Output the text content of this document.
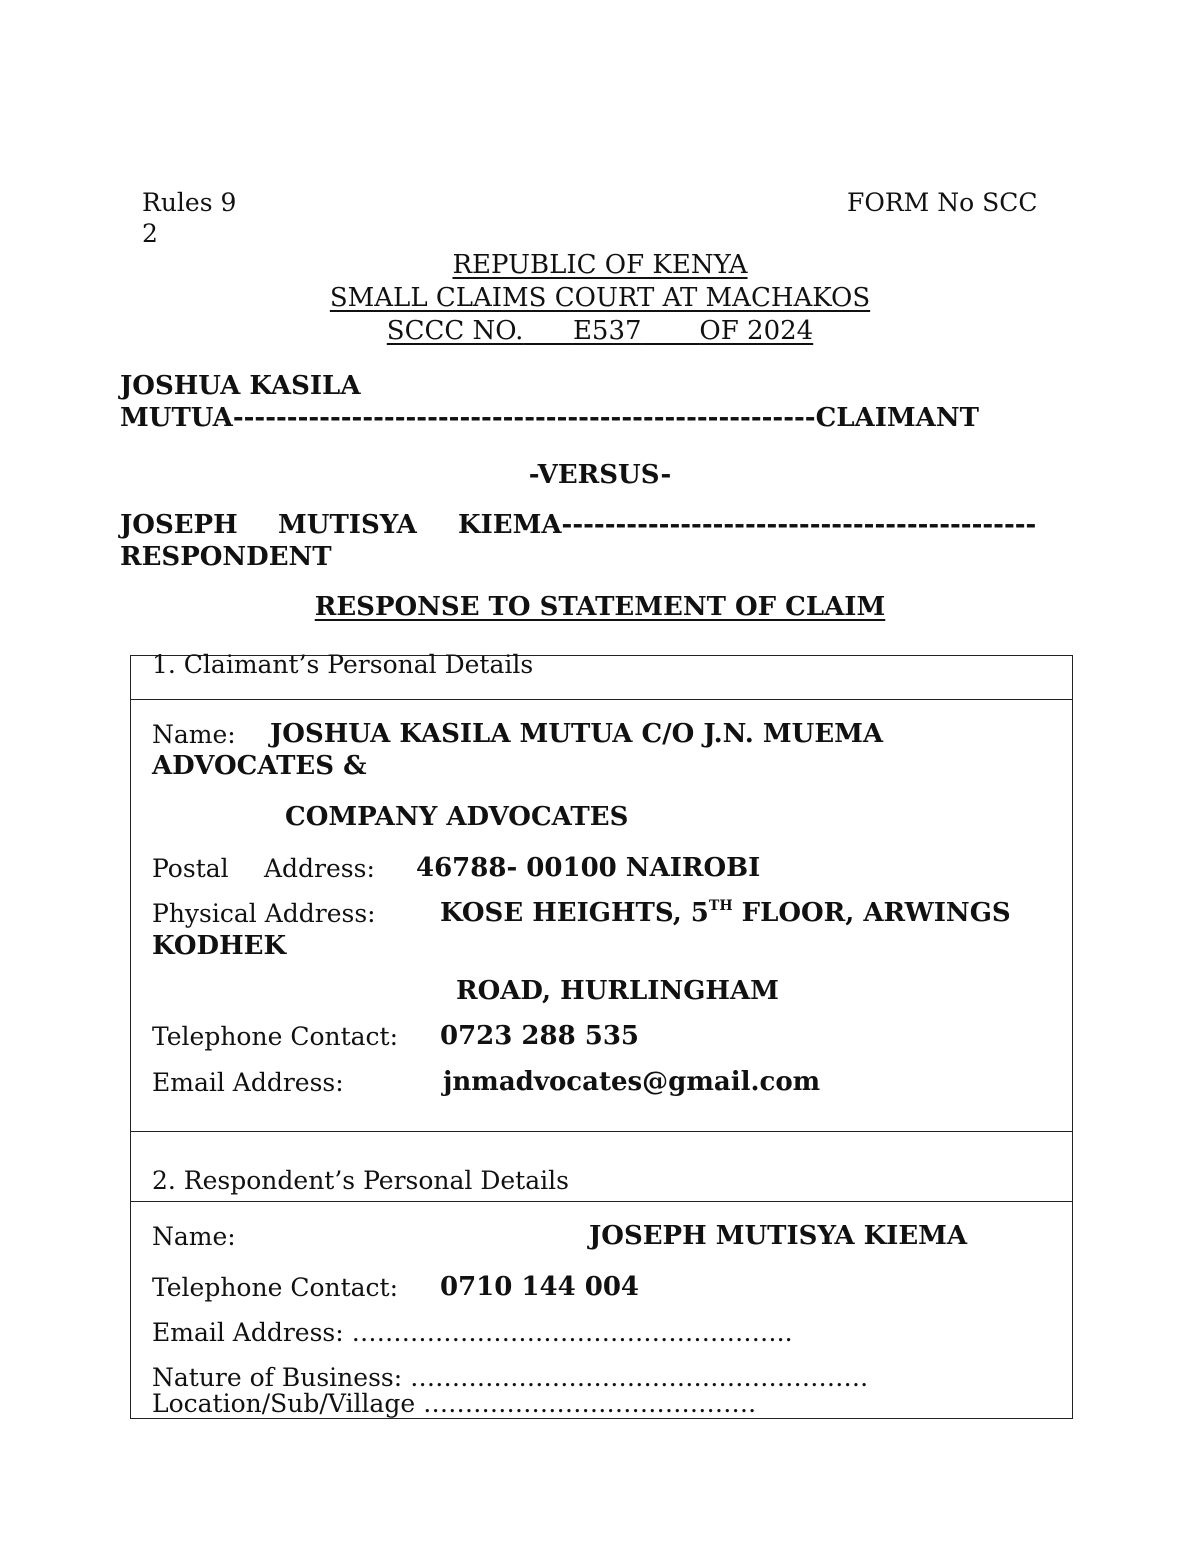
Rules 9
2
FORM No SCC
REPUBLIC OF KENYA
SMALL CLAIMS COURT AT MACHAKOS
SCCC NO. E537 OF 2024
JOSHUA KASILA
MUTUA------------------------------------------------------CLAIMANT
-VERSUS-
JOSEPH MUTISYA KIEMA--------------------------------------------
RESPONDENT
RESPONSE TO STATEMENT OF CLAIM
1. Claimant’s Personal Details
Name: JOSHUA KASILA MUTUA C/O J.N. MUEMA
ADVOCATES &
COMPANY ADVOCATES
Postal Address: 46788- 00100 NAIROBI
Physical Address: KOSE HEIGHTS, 5TH FLOOR, ARWINGS
KODHEK
ROAD, HURLINGHAM
Telephone Contact: 0723 288 535
Email Address:	jnmadvocates@gmail.com
2. Respondent’s Personal Details
Name:	JOSEPH MUTISYA KIEMA
Telephone Contact: 0710 144 004
Email Address: ……………………………………………..
Nature of Business: ……………………………………………….
Location/Sub/Village ………………………………….
